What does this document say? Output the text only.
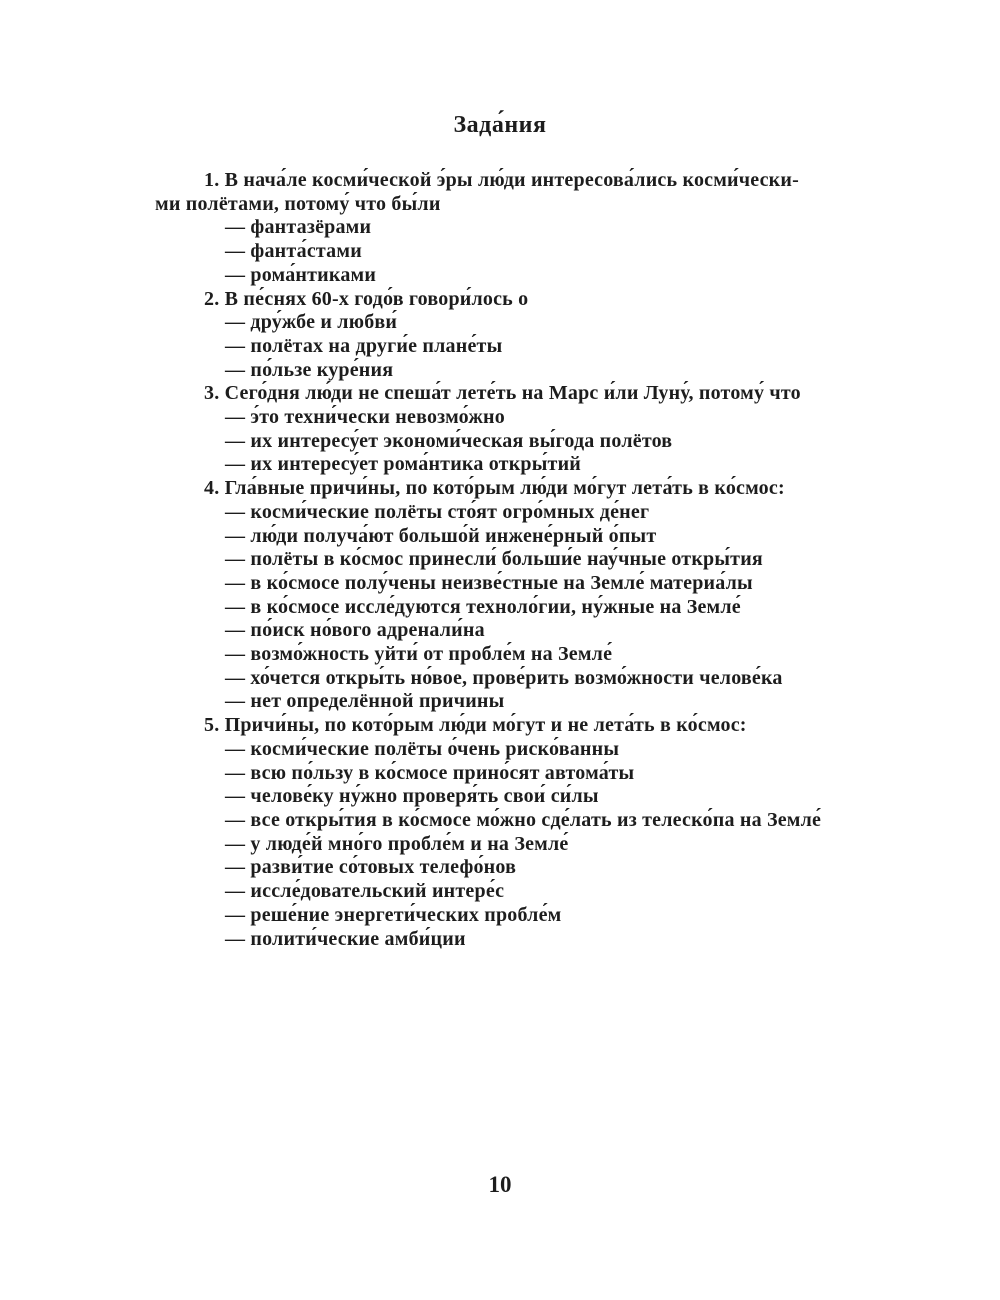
Зада́ния
1. В нача́ле косми́ческой э́ры лю́ди интересова́лись косми́чески-
ми полётами, потому́ что бы́ли
— фантазёрами
— фанта́стами
— рома́нтиками
2. В пе́снях 60-х годо́в говори́лось о
— дру́жбе и любви́
— полётах на други́е плане́ты
— по́льзе куре́ния
3. Сего́дня лю́ди не спеша́т лете́ть на Марс и́ли Луну́, потому́ что
— э́то техни́чески невозмо́жно
— их интересу́ет экономи́ческая вы́года полётов
— их интересу́ет рома́нтика откры́тий
4. Гла́вные причи́ны, по кото́рым лю́ди мо́гут лета́ть в ко́смос:
— косми́ческие полёты сто́ят огро́мных де́нег
— лю́ди получа́ют большо́й инжене́рный о́пыт
— полёты в ко́смос принесли́ больши́е нау́чные откры́тия
— в ко́смосе полу́чены неизве́стные на Земле́ материа́лы
— в ко́смосе иссле́дуются техноло́гии, ну́жные на Земле́
— по́иск но́вого адренали́на
— возмо́жность уйти́ от пробле́м на Земле́
— хо́чется откры́ть но́вое, прове́рить возмо́жности челове́ка
— нет определённой причины
5. Причи́ны, по кото́рым лю́ди мо́гут и не лета́ть в ко́смос:
— косми́ческие полёты о́чень риско́ванны
— всю по́льзу в ко́смосе прино́сят автома́ты
— челове́ку ну́жно проверя́ть свои́ си́лы
— все откры́тия в ко́смосе мо́жно сде́лать из телеско́па на Земле́
— у люде́й мно́го пробле́м и на Земле́
— разви́тие со́товых телефо́нов
— иссле́довательский интере́с
— реше́ние энергети́ческих пробле́м
— полити́ческие амби́ции
10
